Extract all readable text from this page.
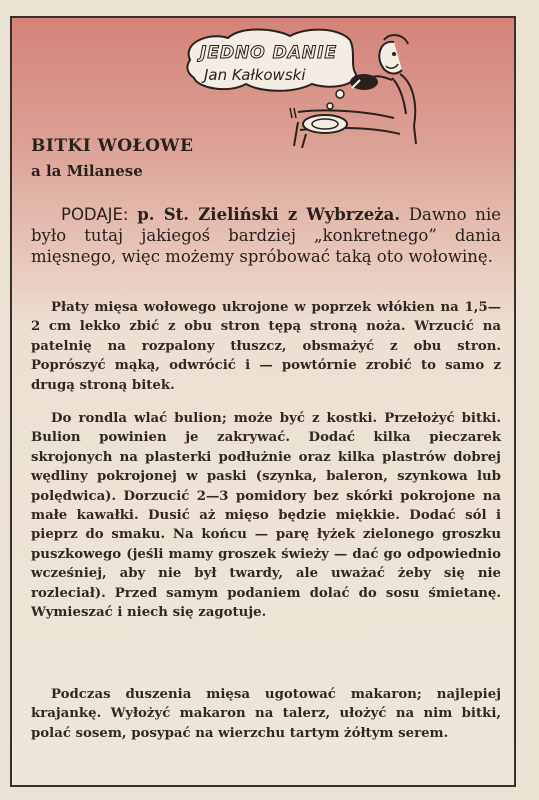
JEDNO DANIE
Jan Kałkowski
BITKI WOŁOWE
a la Milanese

PODAJE: p. St. Zieliński z Wybrzeża. Dawno nie było tutaj jakiegoś bardziej „konkretnego” dania mięsnego, więc możemy spróbować taką oto wołowinę.

Płaty mięsa wołowego ukrojone w poprzek włókien na 1,5—2 cm lekko zbić z obu stron tępą stroną noża. Wrzucić na patelnię na rozpalony tłuszcz, obsmażyć z obu stron. Poprószyć mąką, odwrócić i — powtórnie zrobić to samo z drugą stroną bitek.

Do rondla wlać bulion; może być z kostki. Przełożyć bitki. Bulion powinien je zakrywać. Dodać kilka pieczarek skrojonych na plasterki podłużnie oraz kilka plastrów dobrej wędliny pokrojonej w paski (szynka, baleron, szynkowa lub polędwica). Dorzucić 2—3 pomidory bez skórki pokrojone na małe kawałki. Dusić aż mięso będzie miękkie. Dodać sól i pieprz do smaku. Na końcu — parę łyżek zielonego groszku puszkowego (jeśli mamy groszek świeży — dać go odpowiednio wcześniej, aby nie był twardy, ale uważać żeby się nie rozleciał). Przed samym podaniem dolać do sosu śmietanę. Wymieszać i niech się zagotuje.

Podczas duszenia mięsa ugotować makaron; najlepiej krajankę. Wyłożyć makaron na talerz, ułożyć na nim bitki, polać sosem, posypać na wierzchu tartym żółtym serem.
